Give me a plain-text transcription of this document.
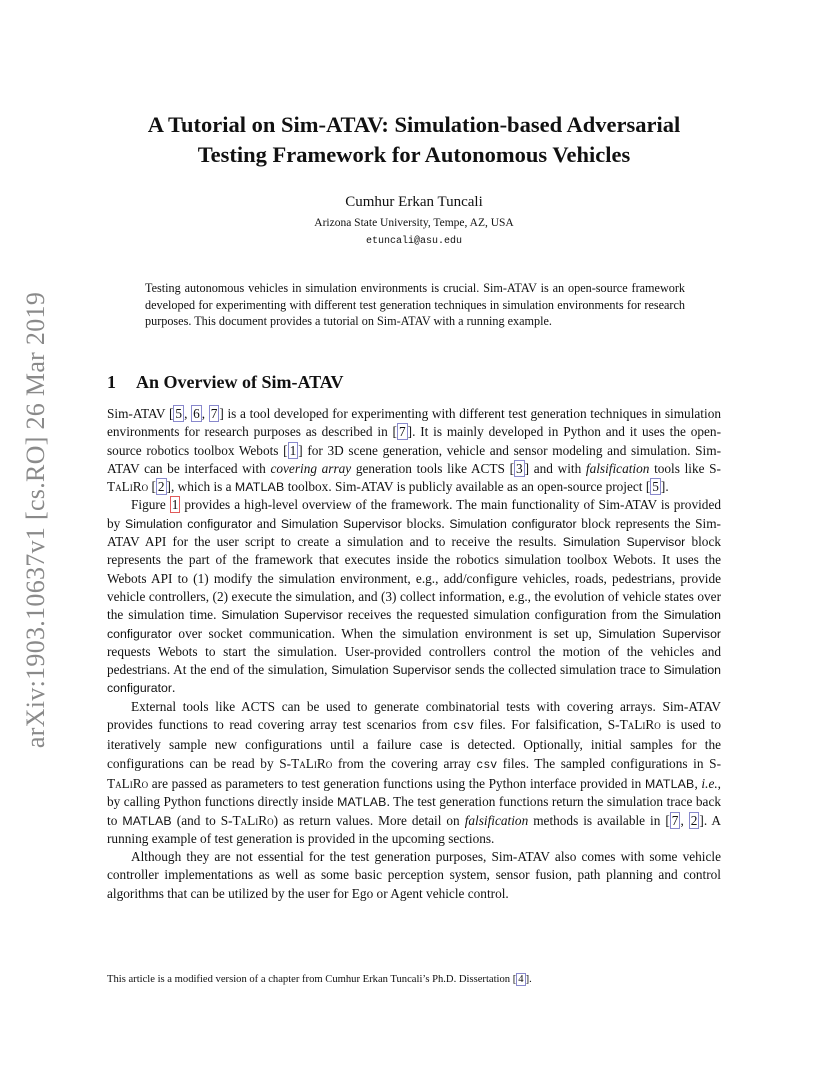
arXiv:1903.10637v1 [cs.RO] 26 Mar 2019
A Tutorial on Sim-ATAV: Simulation-based Adversarial
Testing Framework for Autonomous Vehicles
Cumhur Erkan Tuncali
Arizona State University, Tempe, AZ, USA
etuncali@asu.edu
Testing autonomous vehicles in simulation environments is crucial. Sim-ATAV is an open-source framework developed for experimenting with different test generation techniques in simulation environments for research purposes. This document provides a tutorial on Sim-ATAV with a running example.
1 An Overview of Sim-ATAV

Sim-ATAV [ 5 , 6 , 7 ] is a tool developed for experimenting with different test generation techniques in simulation environments for research purposes as described in [ 7 ]. It is mainly developed in Python and it uses the open-source robotics toolbox Webots [ 1 ] for 3D scene generation, vehicle and sensor modeling and simulation. Sim-ATAV can be interfaced with covering array generation tools like ACTS [ 3 ] and with falsification tools like S-TaLiRo [ 2 ], which is a MATLAB toolbox. Sim-ATAV is publicly available as an open-source project [ 5 ].

Figure 1 provides a high-level overview of the framework. The main functionality of Sim-ATAV is provided by Simulation configurator and Simulation Supervisor blocks. Simulation configurator block represents the Sim-ATAV API for the user script to create a simulation and to receive the results. Simulation Supervisor block represents the part of the framework that executes inside the robotics simulation toolbox Webots. It uses the Webots API to (1) modify the simulation environment, e.g., add/configure vehicles, roads, pedestrians, provide vehicle controllers, (2) execute the simulation, and (3) collect information, e.g., the evolution of vehicle states over the simulation time. Simulation Supervisor receives the requested simulation configuration from the Simulation configurator over socket communication. When the simulation environment is set up, Simulation Supervisor requests Webots to start the simulation. User-provided controllers control the motion of the vehicles and pedestrians. At the end of the simulation, Simulation Supervisor sends the collected simulation trace to Simulation configurator.

External tools like ACTS can be used to generate combinatorial tests with covering arrays. Sim-ATAV provides functions to read covering array test scenarios from csv files. For falsification, S-TaLiRo is used to iteratively sample new configurations until a failure case is detected. Optionally, initial samples for the configurations can be read by S-TaLiRo from the covering array csv files. The sampled configurations in S-TaLiRo are passed as parameters to test generation functions using the Python interface provided in MATLAB, i.e., by calling Python functions directly inside MATLAB. The test generation functions return the simulation trace back to MATLAB (and to S-TaLiRo) as return values. More detail on falsification methods is available in [ 7 , 2 ]. A running example of test generation is provided in the upcoming sections.

Although they are not essential for the test generation purposes, Sim-ATAV also comes with some vehicle controller implementations as well as some basic perception system, sensor fusion, path planning and control algorithms that can be utilized by the user for Ego or Agent vehicle control.

This article is a modified version of a chapter from Cumhur Erkan Tuncali’s Ph.D. Dissertation [ 4 ].
